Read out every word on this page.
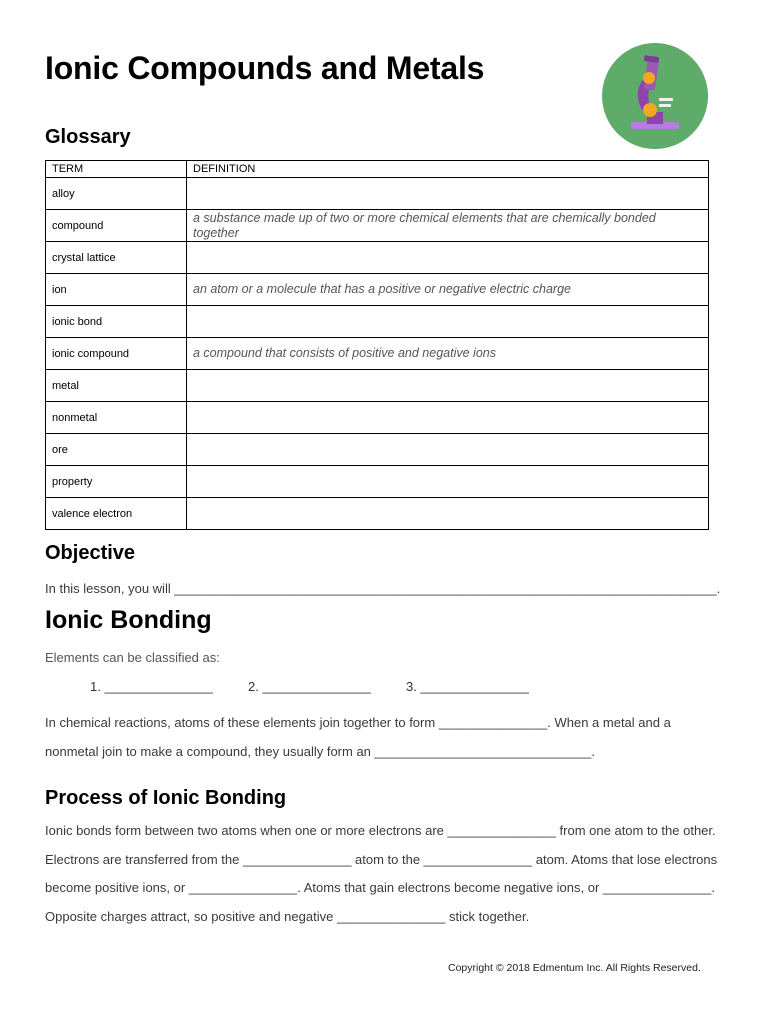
Ionic Compounds and Metals
Glossary
TERM	DEFINITION
alloy	
compound	a substance made up of two or more chemical elements that are chemically bonded together
crystal lattice	
ion	an atom or a molecule that has a positive or negative electric charge
ionic bond	
ionic compound	a compound that consists of positive and negative ions
metal	
nonmetal	
ore	
property	
valence electron	
Objective

In this lesson, you will ___________________________________________________________________________.

Ionic Bonding

Elements can be classified as:

1. _______________	2. _______________	3. _______________

In chemical reactions, atoms of these elements join together to form _______________. When a metal and a nonmetal join to make a compound, they usually form an ______________________________.

Process of Ionic Bonding

Ionic bonds form between two atoms when one or more electrons are _______________ from one atom to the other. Electrons are transferred from the _______________ atom to the _______________ atom. Atoms that lose electrons become positive ions, or _______________. Atoms that gain electrons become negative ions, or _______________. Opposite charges attract, so positive and negative _______________ stick together.

Copyright © 2018 Edmentum Inc. All Rights Reserved.
